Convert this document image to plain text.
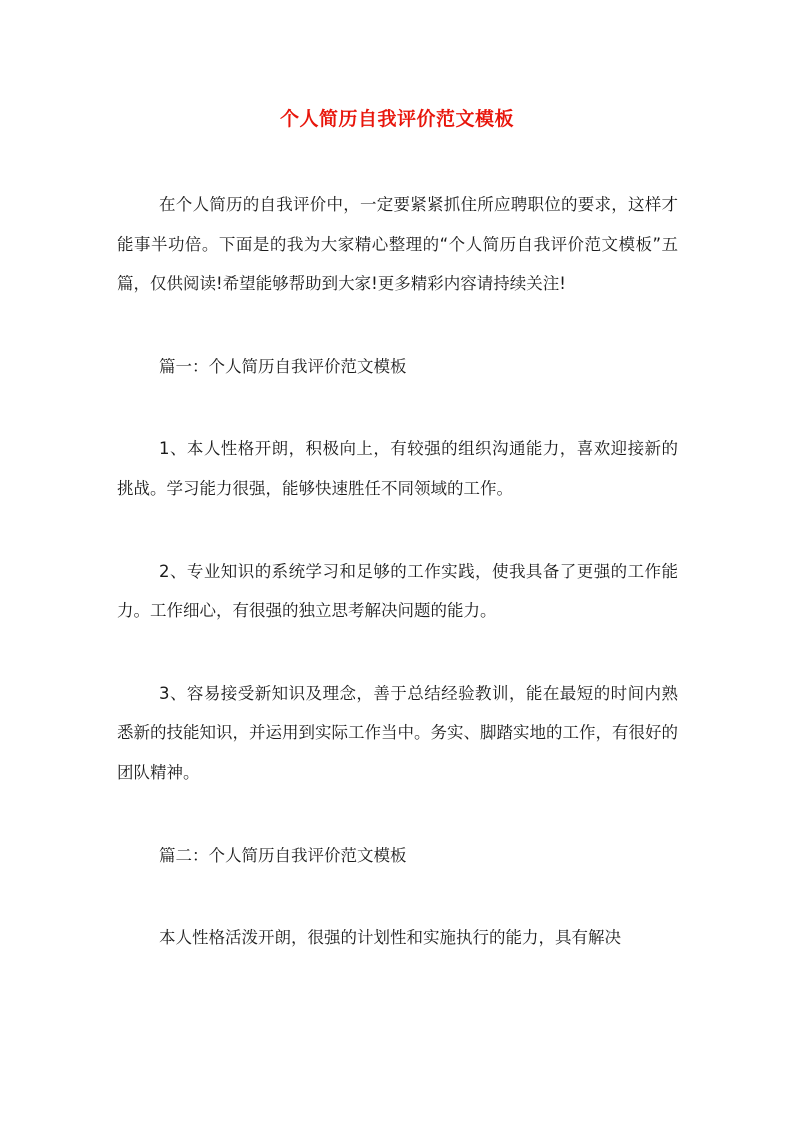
个人简历自我评价范文模板

在个人简历的自我评价中，一定要紧紧抓住所应聘职位的要求，这样才能事半功倍。下面是的我为大家精心整理的“个人简历自我评价范文模板”五篇，仅供阅读!希望能够帮助到大家!更多精彩内容请持续关注!

篇一：个人简历自我评价范文模板

1、本人性格开朗，积极向上，有较强的组织沟通能力，喜欢迎接新的挑战。学习能力很强，能够快速胜任不同领域的工作。

2、专业知识的系统学习和足够的工作实践，使我具备了更强的工作能力。工作细心，有很强的独立思考解决问题的能力。

3、容易接受新知识及理念，善于总结经验教训，能在最短的时间内熟悉新的技能知识，并运用到实际工作当中。务实、脚踏实地的工作，有很好的团队精神。

篇二：个人简历自我评价范文模板

本人性格活泼开朗，很强的计划性和实施执行的能力，具有解决
